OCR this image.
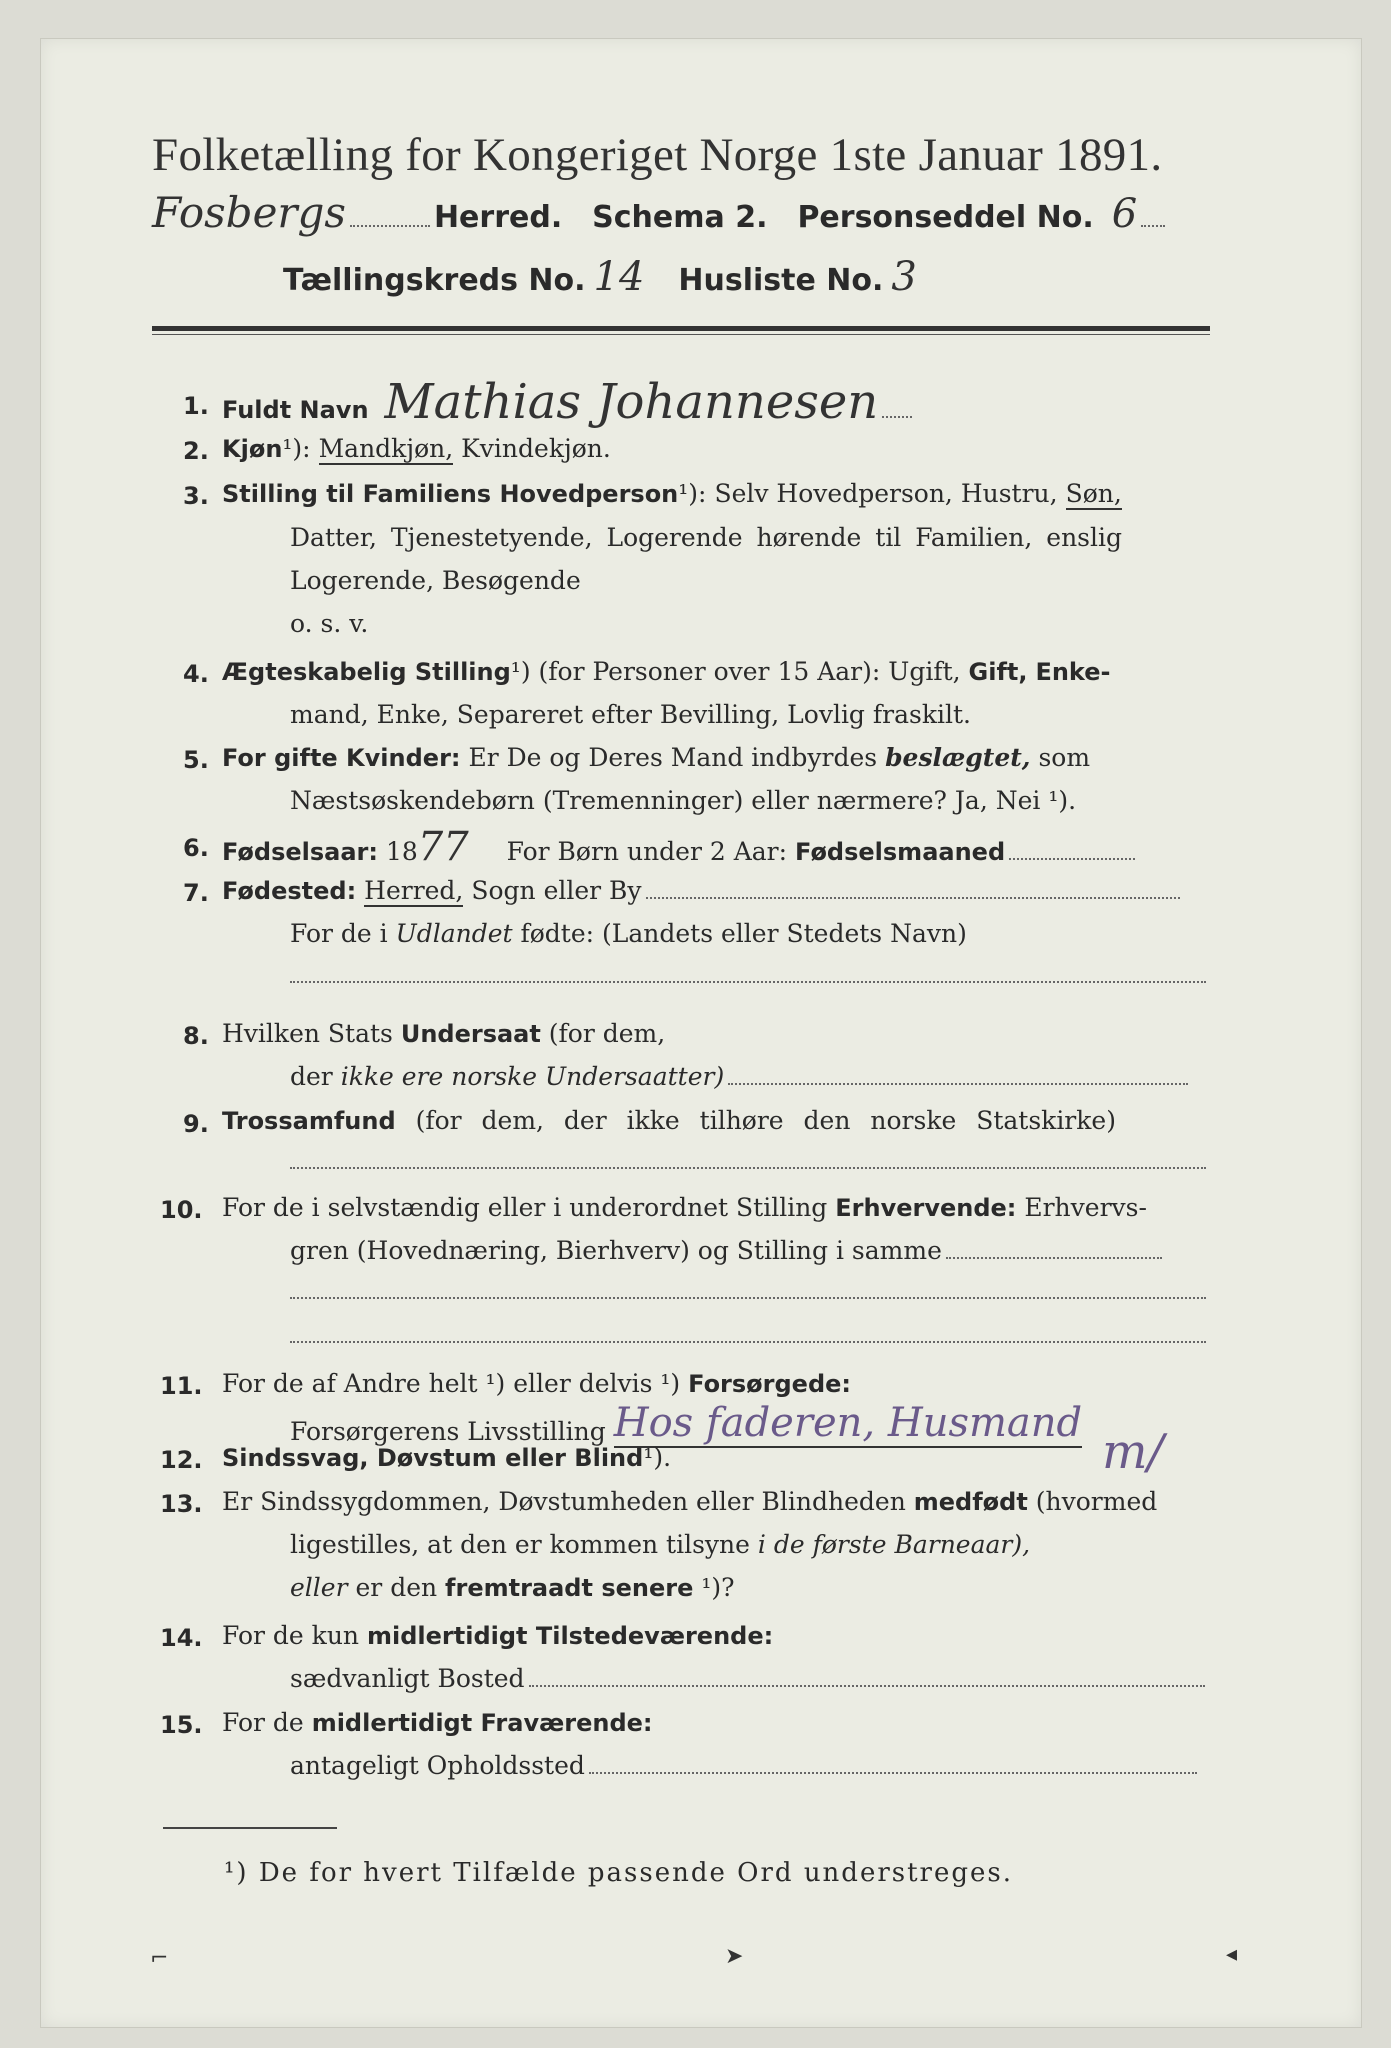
Folketælling for Kongeriget Norge 1ste Januar 1891.
Fosbergs	Herred. Schema 2. Personseddel No. 6
Tællingskreds No. 14 Husliste No. 3
1. Fuldt Navn Mathias Johannesen
2. Kjøn¹): Mandkjøn, Kvindekjøn.
3. Stilling til Familiens Hovedperson¹): Selv Hovedperson, Hustru, Søn,
Datter, Tjenestetyende, Logerende hørende til Familien, enslig
Logerende, Besøgende
o. s. v.
4. Ægteskabelig Stilling¹) (for Personer over 15 Aar): Ugift, Gift, Enke-
mand, Enke, Separeret efter Bevilling, Lovlig fraskilt.
5. For gifte Kvinder: Er De og Deres Mand indbyrdes beslægtet, som
Næstsøskendebørn (Tremenninger) eller nærmere? Ja, Nei ¹).
6. Fødselsaar: 1877 For Børn under 2 Aar: Fødselsmaaned
7. Fødested: Herred, Sogn eller By
For de i Udlandet fødte: (Landets eller Stedets Navn)
8. Hvilken Stats Undersaat (for dem,
der ikke ere norske Undersaatter)
9. Trossamfund (for dem, der ikke tilhøre den norske Statskirke)
10. For de i selvstændig eller i underordnet Stilling Erhvervende: Erhvervs-
gren (Hovednæring, Bierhverv) og Stilling i samme
11. For de af Andre helt ¹) eller delvis ¹) Forsørgede:
Forsørgerens Livsstilling Hos faderen, Husmand
12. Sindssvag, Døvstum eller Blind¹).	m/
13. Er Sindssygdommen, Døvstumheden eller Blindheden medfødt (hvormed
ligestilles, at den er kommen tilsyne i de første Barneaar),
eller er den fremtraadt senere ¹)?
14. For de kun midlertidigt Tilstedeværende:
sædvanligt Bosted
15. For de midlertidigt Fraværende:
antageligt Opholdssted
¹) De for hvert Tilfælde passende Ord understreges.
⌐	➤	◂
